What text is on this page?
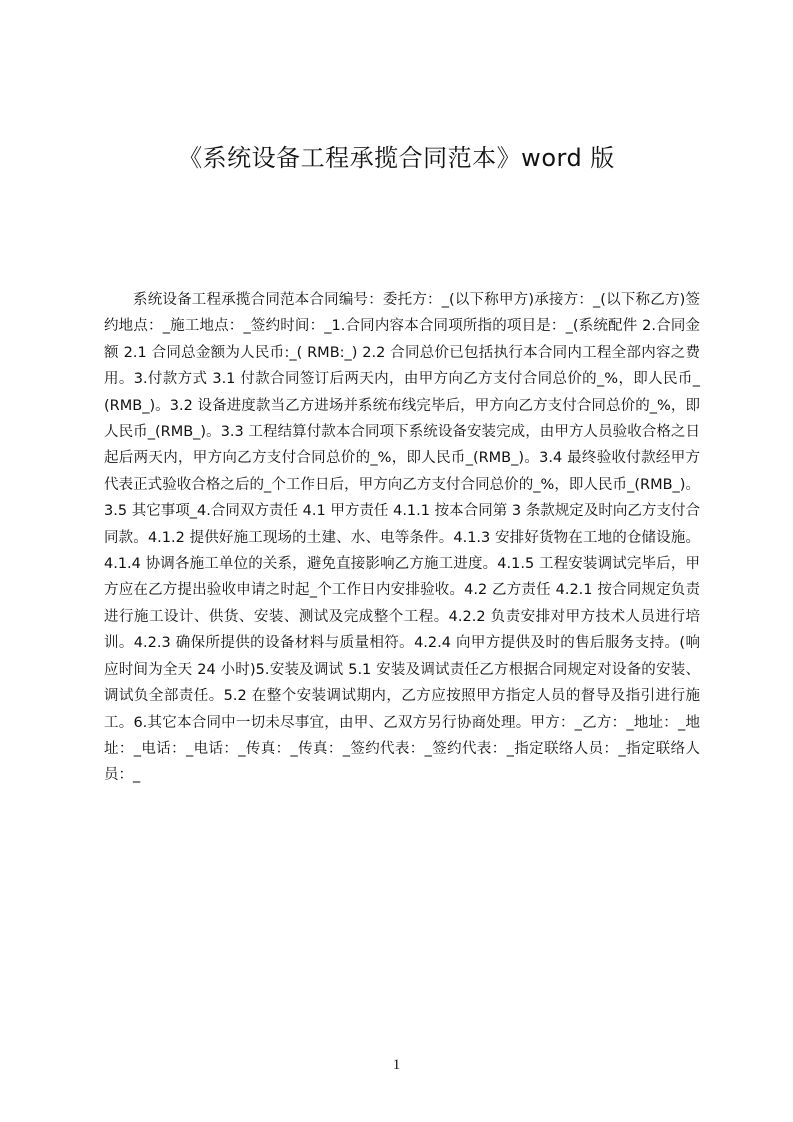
《系统设备工程承揽合同范本》word 版

系统设备工程承揽合同范本合同编号：委托方：_(以下称甲方)承接方：_(以下称乙方)签约地点：_施工地点：_签约时间：_1.合同内容本合同项所指的项目是：_(系统配件 2.合同金额 2.1 合同总金额为人民币:_( RMB:_) 2.2 合同总价已包括执行本合同内工程全部内容之费用。3.付款方式 3.1 付款合同签订后两天内，由甲方向乙方支付合同总价的_%，即人民币_(RMB_)。3.2 设备进度款当乙方进场并系统布线完毕后，甲方向乙方支付合同总价的_%，即人民币_(RMB_)。3.3 工程结算付款本合同项下系统设备安装完成，由甲方人员验收合格之日起后两天内，甲方向乙方支付合同总价的_%，即人民币_(RMB_)。3.4 最终验收付款经甲方代表正式验收合格之后的_个工作日后，甲方向乙方支付合同总价的_%，即人民币_(RMB_)。3.5 其它事项_4.合同双方责任 4.1 甲方责任 4.1.1 按本合同第 3 条款规定及时向乙方支付合同款。4.1.2 提供好施工现场的土建、水、电等条件。4.1.3 安排好货物在工地的仓储设施。4.1.4 协调各施工单位的关系，避免直接影响乙方施工进度。4.1.5 工程安装调试完毕后，甲方应在乙方提出验收申请之时起_个工作日内安排验收。4.2 乙方责任 4.2.1 按合同规定负责进行施工设计、供货、安装、测试及完成整个工程。4.2.2 负责安排对甲方技术人员进行培训。4.2.3 确保所提供的设备材料与质量相符。4.2.4 向甲方提供及时的售后服务支持。(响应时间为全天 24 小时)5.安装及调试 5.1 安装及调试责任乙方根据合同规定对设备的安装、调试负全部责任。5.2 在整个安装调试期内，乙方应按照甲方指定人员的督导及指引进行施工。6.其它本合同中一切未尽事宜，由甲、乙双方另行协商处理。甲方：_乙方：_地址：_地址：_电话：_电话：_传真：_传真：_签约代表：_签约代表：_指定联络人员：_指定联络人员：_

1
